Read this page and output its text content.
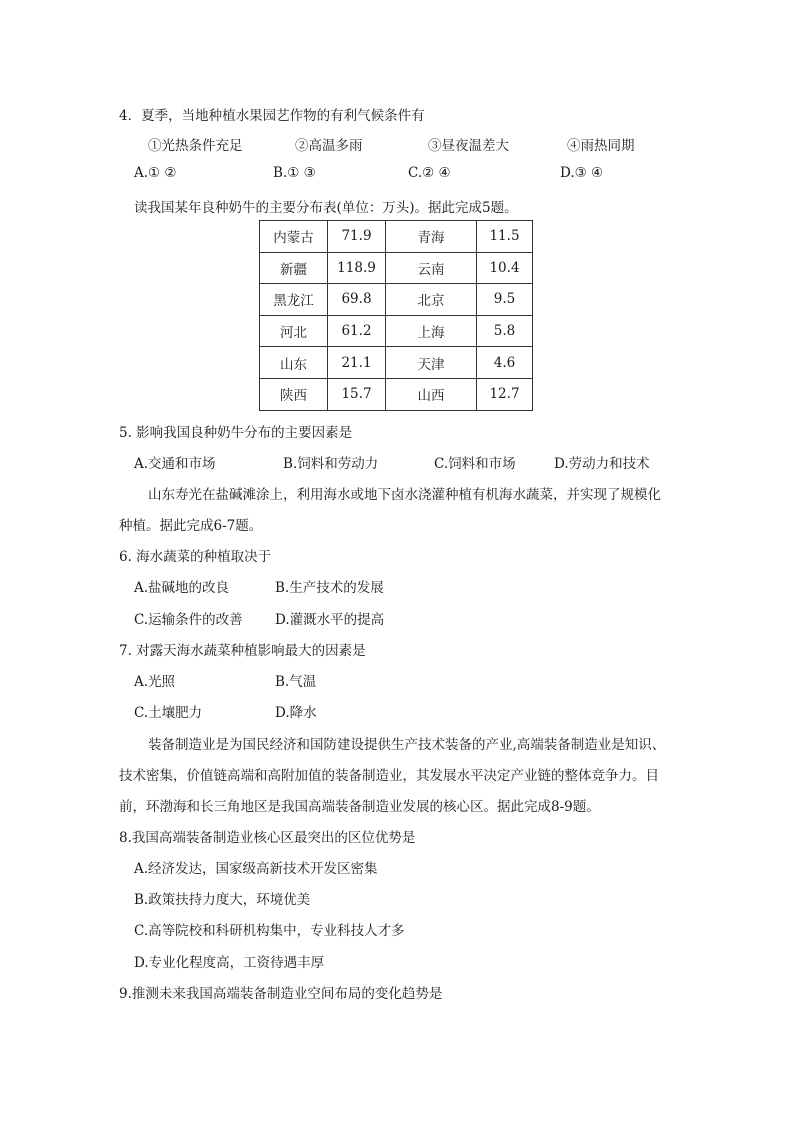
4．夏季，当地种植水果园艺作物的有利气候条件有
①光热条件充足	②高温多雨	③昼夜温差大	④雨热同期
A.① ②	B.① ③	C.② ④	D.③ ④
读我国某年良种奶牛的主要分布表(单位：万头)。据此完成5题。
内蒙古	71.9	青海	11.5
新疆	118.9	云南	10.4
黑龙江	69.8	北京	9.5
河北	61.2	上海	5.8
山东	21.1	天津	4.6
陕西	15.7	山西	12.7
5. 影响我国良种奶牛分布的主要因素是
A.交通和市场	B.饲料和劳动力	C.饲料和市场	D.劳动力和技术
山东寿光在盐碱滩涂上，利用海水或地下卤水浇灌种植有机海水蔬菜，并实现了规模化
种植。据此完成6-7题。
6. 海水蔬菜的种植取决于
A.盐碱地的改良	B.生产技术的发展
C.运输条件的改善 D.灌溉水平的提高
7. 对露天海水蔬菜种植影响最大的因素是
A.光照	B.气温
C.土壤肥力	D.降水
装备制造业是为国民经济和国防建设提供生产技术装备的产业,高端装备制造业是知识、
技术密集，价值链高端和高附加值的装备制造业，其发展水平决定产业链的整体竞争力。目
前，环渤海和长三角地区是我国高端装备制造业发展的核心区。据此完成8-9题。
8.我国高端装备制造业核心区最突出的区位优势是
A.经济发达，国家级高新技术开发区密集
B.政策扶持力度大，环境优美
C.高等院校和科研机构集中，专业科技人才多
D.专业化程度高，工资待遇丰厚
9.推测未来我国高端装备制造业空间布局的变化趋势是
